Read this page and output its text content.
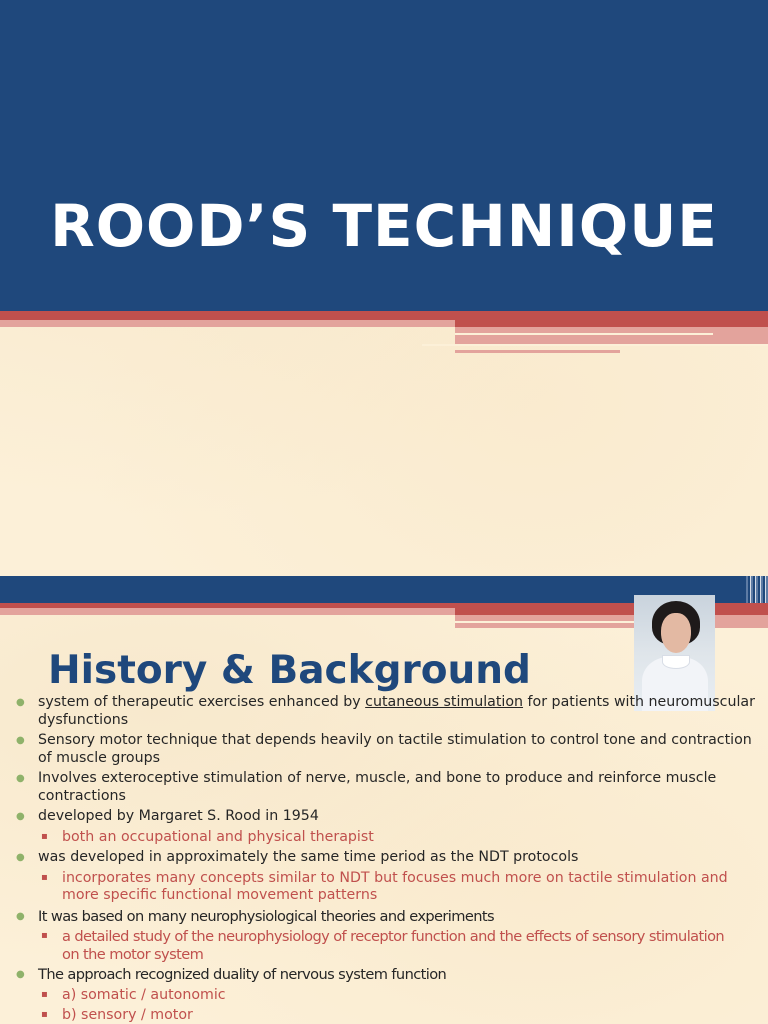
ROOD’S TECHNIQUE
History & Background
● system of therapeutic exercises enhanced by cutaneous stimulation for patients with neuromuscular dysfunctions
● Sensory motor technique that depends heavily on tactile stimulation to control tone and contraction of muscle groups
● Involves exteroceptive stimulation of nerve, muscle, and bone to produce and reinforce muscle contractions
● developed by Margaret S. Rood in 1954
▪ both an occupational and physical therapist
● was developed in approximately the same time period as the NDT protocols
▪ incorporates many concepts similar to NDT but focuses much more on tactile stimulation and more specific functional movement patterns
● It was based on many neurophysiological theories and experiments
▪ a detailed study of the neurophysiology of receptor function and the effects of sensory stimulation on the motor system
● The approach recognized duality of nervous system function
▪ a) somatic / autonomic
▪ b) sensory / motor
